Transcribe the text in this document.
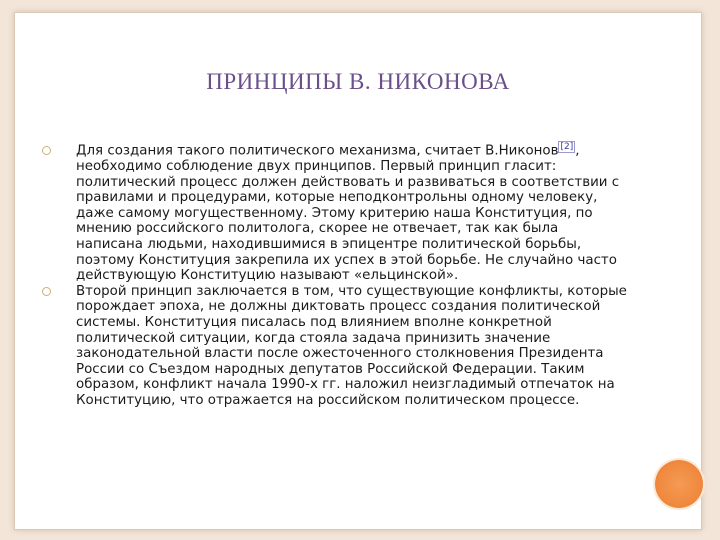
ПРИНЦИПЫ В. НИКОНОВА
Для создания такого политического механизма, считает В.Никонов [2] , необходимо соблюдение двух принципов. Первый принцип гласит: политический процесс должен действовать и развиваться в соответствии с правилами и процедурами, которые неподконтрольны одному человеку, даже самому могущественному. Этому критерию наша Конституция, по мнению российского политолога, скорее не отвечает, так как была написана людьми, находившимися в эпицентре политической борьбы, поэтому Конституция закрепила их успех в этой борьбе. Не случайно часто действующую Конституцию называют «ельцинской».
Второй принцип заключается в том, что существующие конфликты, которые порождает эпоха, не должны диктовать процесс создания политической системы. Конституция писалась под влиянием вполне конкретной политической ситуации, когда стояла задача принизить значение законодательной власти после ожесточенного столкновения Президента России со Съездом народных депутатов Российской Федерации. Таким образом, конфликт начала 1990-х гг. наложил неизгладимый отпечаток на Конституцию, что отражается на российском политическом процессе.
